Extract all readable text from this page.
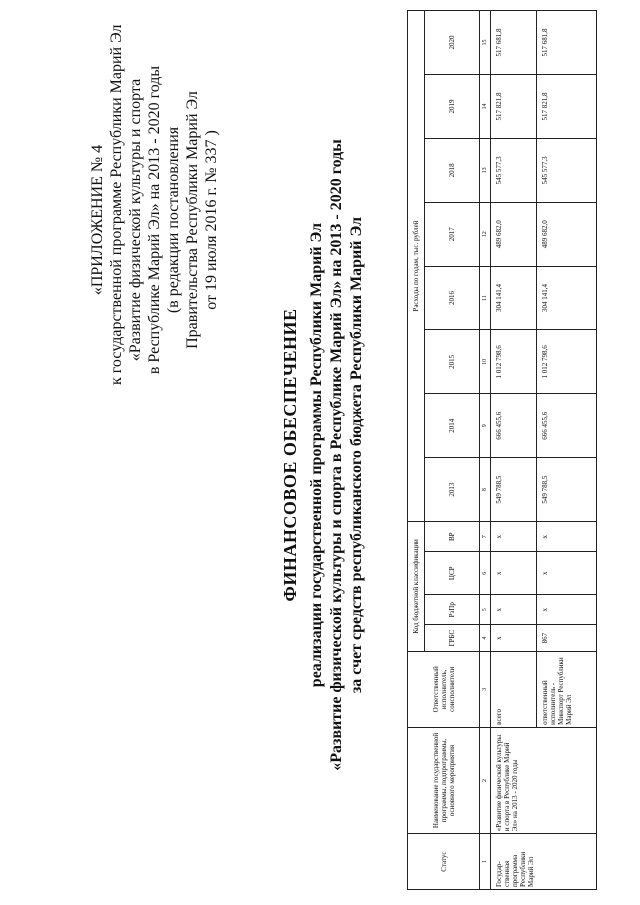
«ПРИЛОЖЕНИЕ № 4 к государственной программе Республики Марий Эл «Развитие физической культуры и спорта в Республике Марий Эл» на 2013 - 2020 годы (в редакции постановления Правительства Республики Марий Эл от 19 июля 2016 г. № 337 )
ФИНАНСОВОЕ ОБЕСПЕЧЕНИЕ реализации государственной программы Республики Марий Эл «Развитие физической культуры и спорта в Республике Марий Эл» на 2013 - 2020 годы за счет средств республиканского бюджета Республики Марий Эл
Статус	Наименование государственной программы, подпрограммы, основного мероприятия	Ответственный исполнитель, соисполнители	Код бюджетной классификации				Расходы по годам, тыс. рублей							
			ГРБС	РзПр	ЦСР	ВР	2013	2014	2015	2016	2017	2018	2019	2020
1	2	3	4	5	6	7	8	9	10	11	12	13	14	15
Государ-ственная программа Республики Марий Эл	«Развитие физической культуры и спорта в Республике Марий Эл» на 2013 - 2020 годы	всего	x	x	x	x	549 788,5	666 455,6	1 012 798,6	304 141,4	489 682,0	545 577,3	517 821,8	517 681,8
		ответственный исполнитель - Минспорт Республики Марий Эл	867	x	x	x	549 788,5	666 455,6	1 012 798,6	304 141,4	489 682,0	545 577,3	517 821,8	517 681,8
